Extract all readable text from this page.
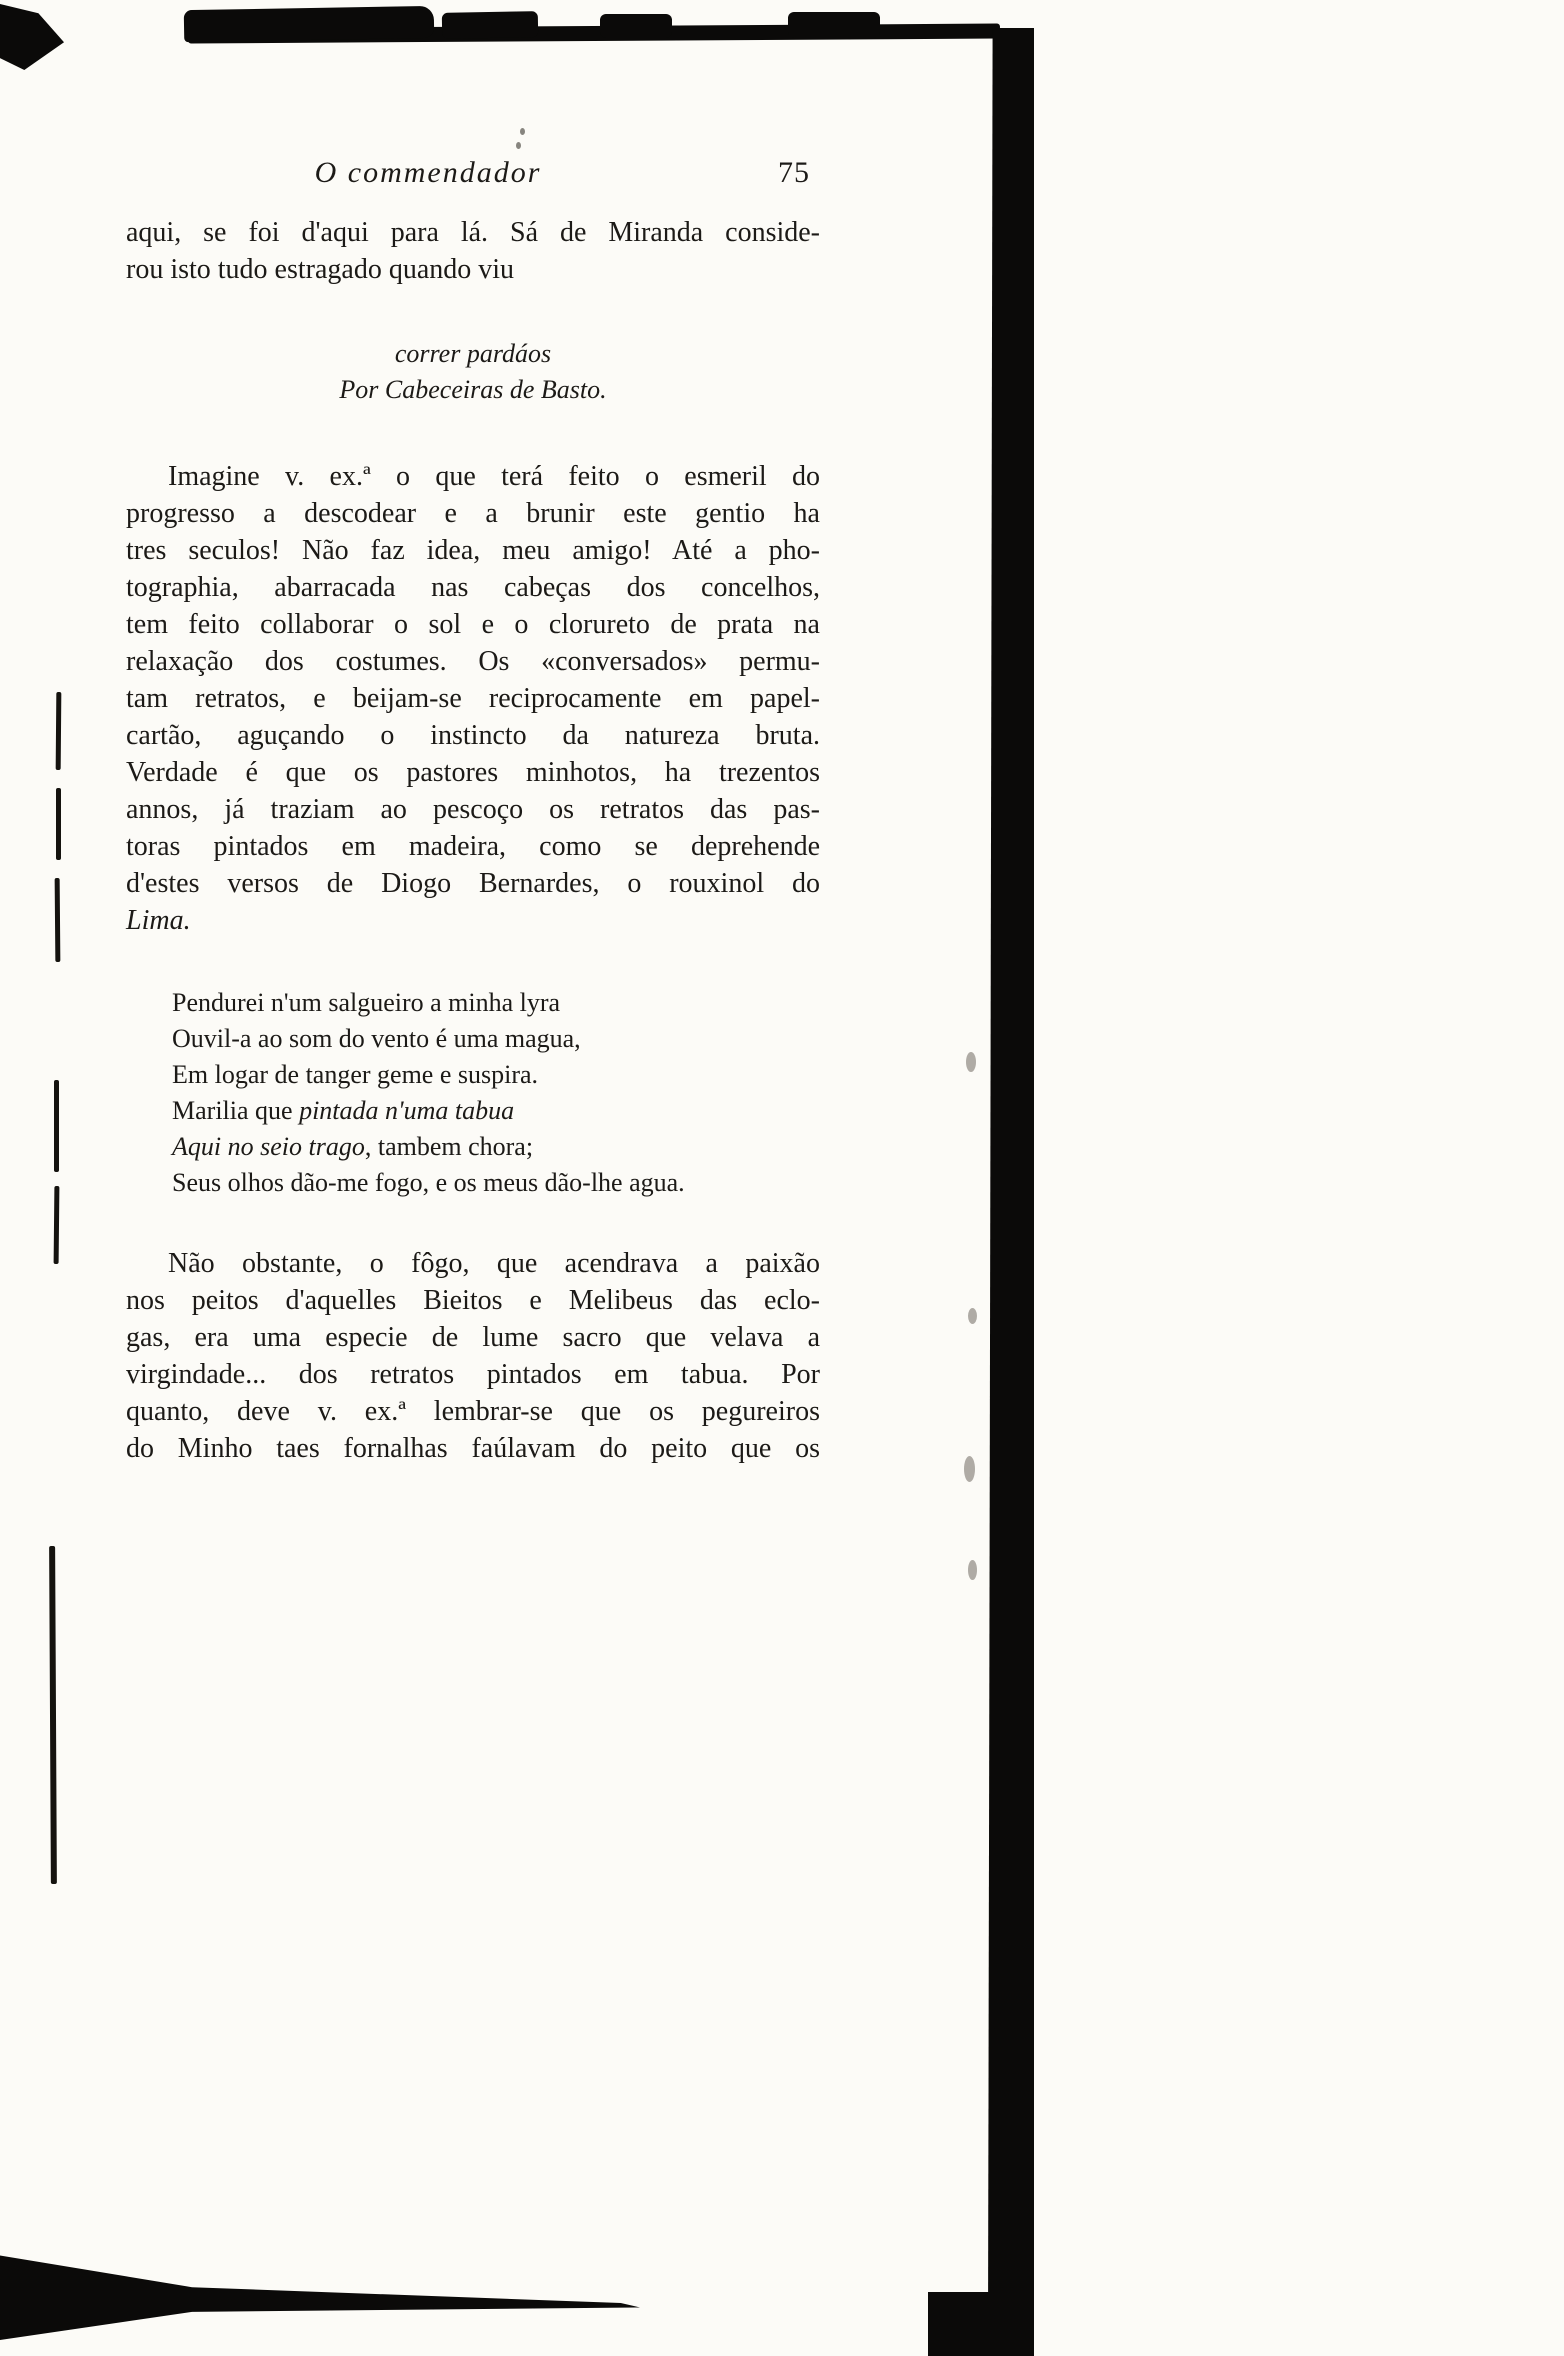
O commendador	75
aqui, se foi d'aqui para lá. Sá de Miranda conside-
rou isto tudo estragado quando viu
correr pardáos
Por Cabeceiras de Basto.
Imagine v. ex.ª o que terá feito o esmeril do
progresso a descodear e a brunir este gentio ha
tres seculos! Não faz idea, meu amigo! Até a pho-
tographia, abarracada nas cabeças dos concelhos,
tem feito collaborar o sol e o clorureto de prata na
relaxação dos costumes. Os «conversados» permu-
tam retratos, e beijam-se reciprocamente em papel-
cartão, aguçando o instincto da natureza bruta.
Verdade é que os pastores minhotos, ha trezentos
annos, já traziam ao pescoço os retratos das pas-
toras pintados em madeira, como se deprehende
d'estes versos de Diogo Bernardes, o rouxinol do
Lima.
Pendurei n'um salgueiro a minha lyra
Ouvil-a ao som do vento é uma magua,
Em logar de tanger geme e suspira.
Marilia que pintada n'uma tabua
Aqui no seio trago, tambem chora;
Seus olhos dão-me fogo, e os meus dão-lhe agua.
Não obstante, o fôgo, que acendrava a paixão
nos peitos d'aquelles Bieitos e Melibeus das eclo-
gas, era uma especie de lume sacro que velava a
virgindade... dos retratos pintados em tabua. Por
quanto, deve v. ex.ª lembrar-se que os pegureiros
do Minho taes fornalhas faúlavam do peito que os
